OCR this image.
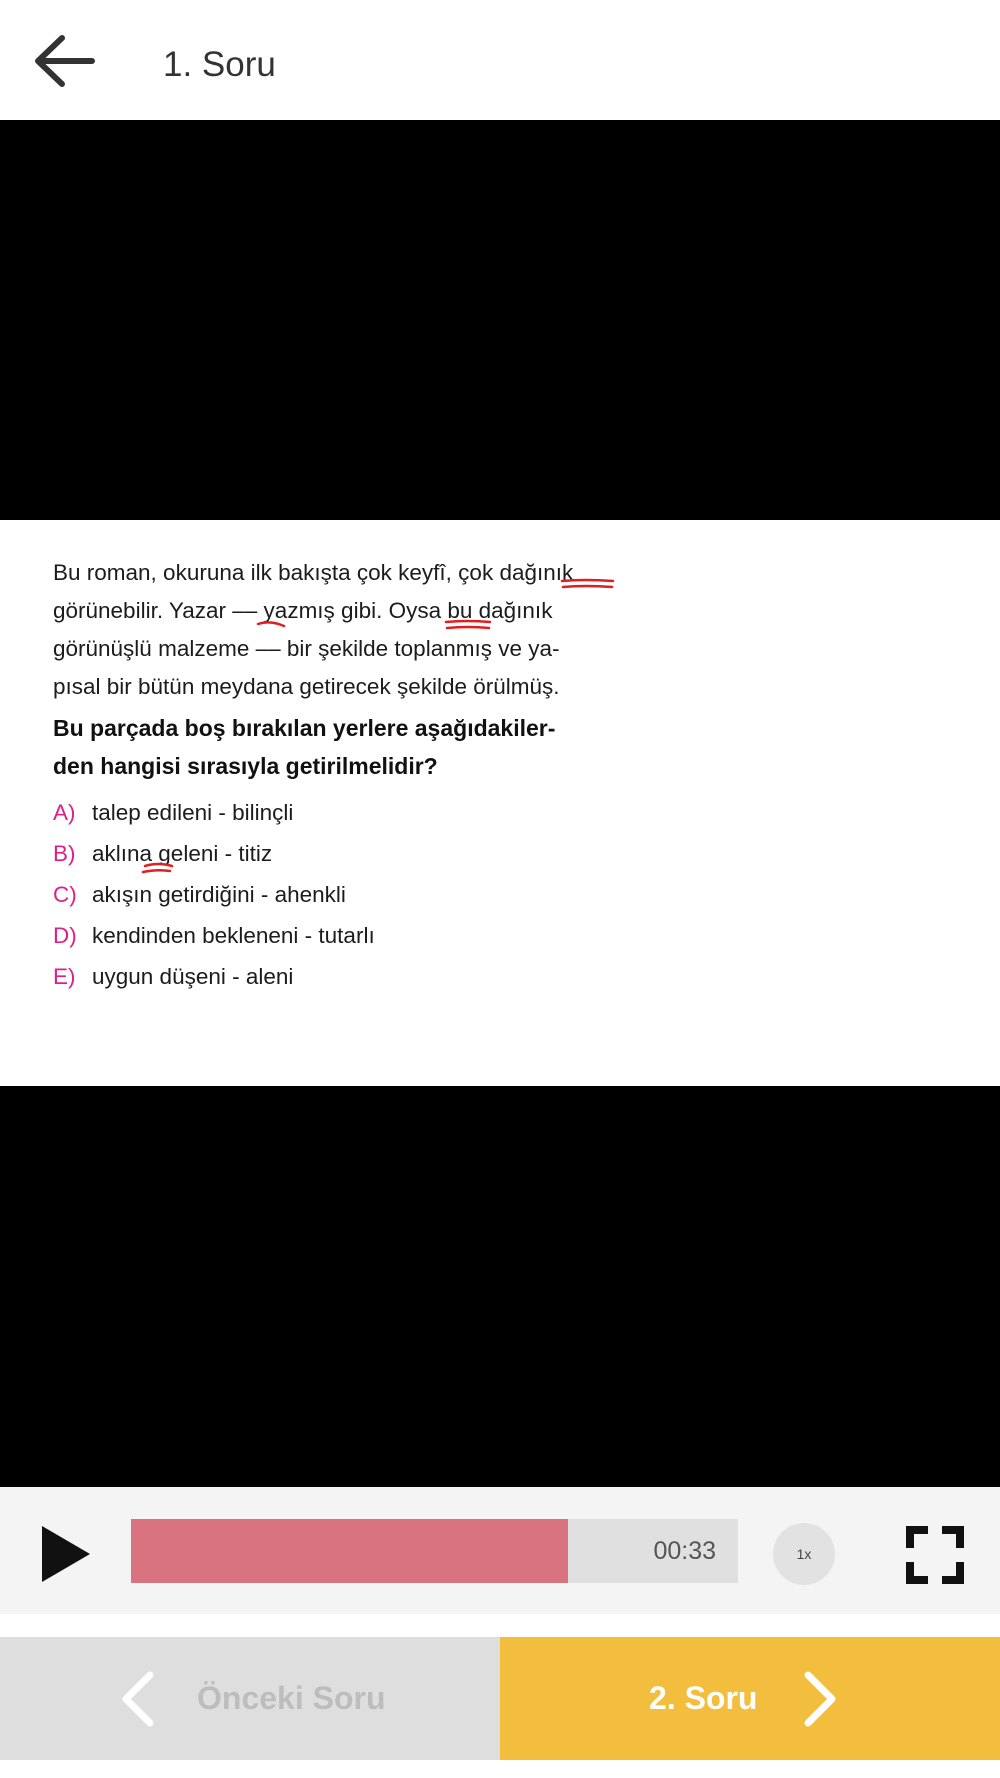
1. Soru
Bu roman, okuruna ilk bakışta çok keyfî, çok dağınık
görünebilir. Yazar –– yazmış gibi. Oysa bu dağınık
görünüşlü malzeme –– bir şekilde toplanmış ve ya-
pısal bir bütün meydana getirecek şekilde örülmüş.
Bu parçada boş bırakılan yerlere aşağıdakiler-
den hangisi sırasıyla getirilmelidir?
A) talep edileni - bilinçli
B) aklına geleni - titiz
C) akışın getirdiğini - ahenkli
D) kendinden bekleneni - tutarlı
E) uygun düşeni - aleni
00:33	1x
Önceki Soru	2. Soru
